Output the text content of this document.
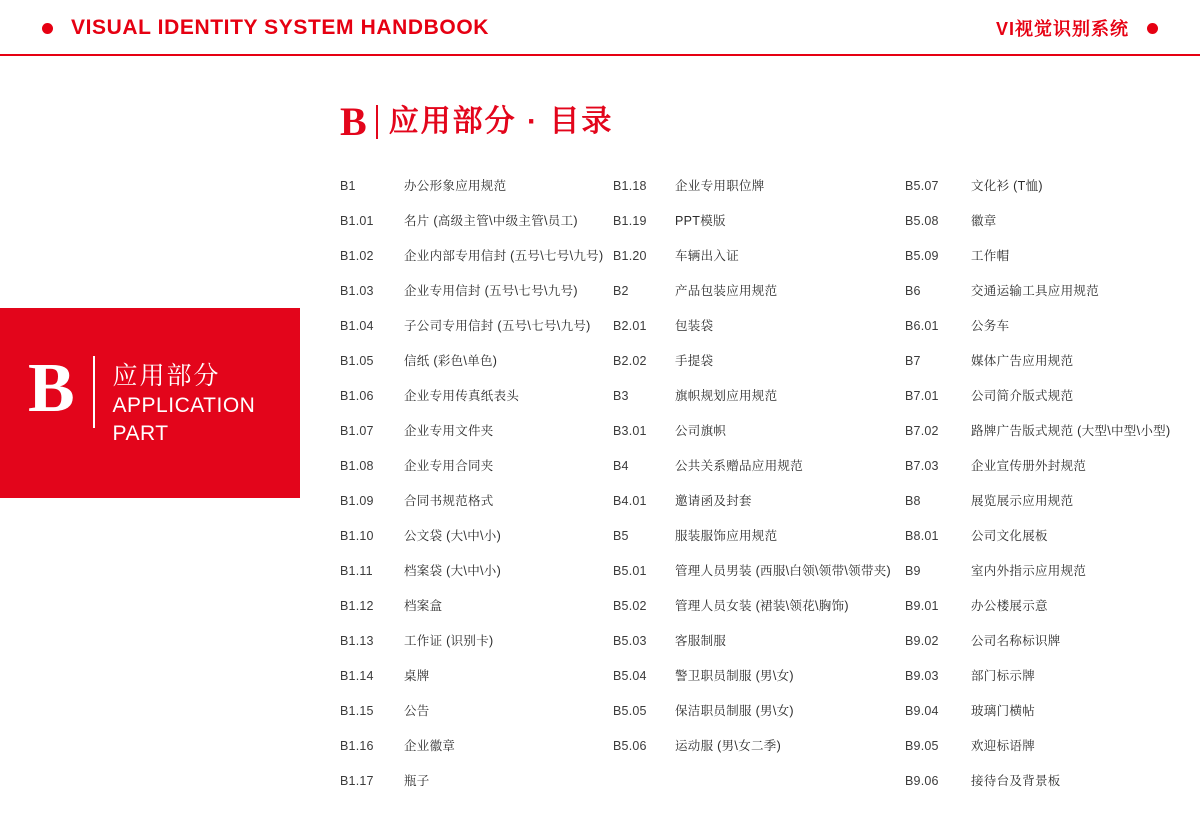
VISUAL IDENTITY SYSTEM HANDBOOK	VI视觉识别系统
B 应用部分
APPLICATION PART
B 应用部分 · 目录
B1	办公形象应用规范
B1.01	名片 (高级主管\中级主管\员工)
B1.02	企业内部专用信封 (五号\七号\九号)
B1.03	企业专用信封 (五号\七号\九号)
B1.04	子公司专用信封 (五号\七号\九号)
B1.05	信纸 (彩色\单色)
B1.06	企业专用传真纸表头
B1.07	企业专用文件夹
B1.08	企业专用合同夹
B1.09	合同书规范格式
B1.10	公文袋 (大\中\小)
B1.11	档案袋 (大\中\小)
B1.12	档案盒
B1.13	工作证 (识别卡)
B1.14	桌牌
B1.15	公告
B1.16	企业徽章
B1.17	瓶子
B1.18	企业专用职位牌
B1.19	PPT模版
B1.20	车辆出入证
B2	产品包装应用规范
B2.01	包装袋
B2.02	手提袋
B3	旗帜规划应用规范
B3.01	公司旗帜
B4	公共关系赠品应用规范
B4.01	邀请函及封套
B5	服装服饰应用规范
B5.01	管理人员男装 (西服\白领\领带\领带夹)
B5.02	管理人员女装 (裙装\领花\胸饰)
B5.03	客服制服
B5.04	警卫职员制服 (男\女)
B5.05	保洁职员制服 (男\女)
B5.06	运动服 (男\女二季)
B5.07	文化衫 (T恤)
B5.08	徽章
B5.09	工作帽
B6	交通运输工具应用规范
B6.01	公务车
B7	媒体广告应用规范
B7.01	公司简介版式规范
B7.02	路牌广告版式规范 (大型\中型\小型)
B7.03	企业宣传册外封规范
B8	展览展示应用规范
B8.01	公司文化展板
B9	室内外指示应用规范
B9.01	办公楼展示意
B9.02	公司名称标识牌
B9.03	部门标示牌
B9.04	玻璃门横帖
B9.05	欢迎标语牌
B9.06	接待台及背景板
